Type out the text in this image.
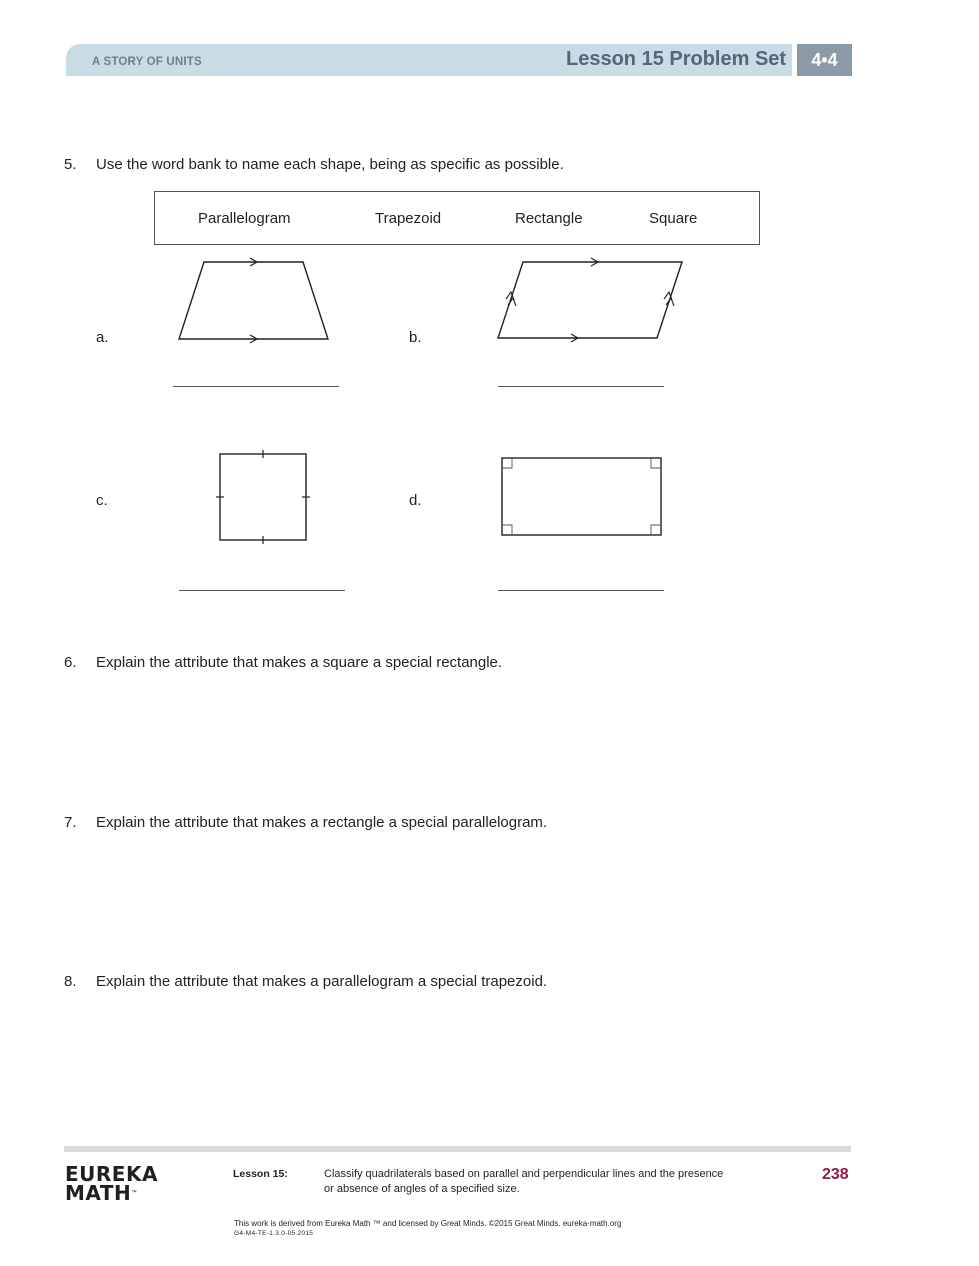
A STORY OF UNITS	Lesson 15 Problem Set	4•4
5. Use the word bank to name each shape, being as specific as possible.
Parallelogram	Trapezoid	Rectangle	Square
a.	b.
c.	d.
6. Explain the attribute that makes a square a special rectangle.
7. Explain the attribute that makes a rectangle a special parallelogram.
8. Explain the attribute that makes a parallelogram a special trapezoid.
EUREKA
MATH™
Lesson 15:	Classify quadrilaterals based on parallel and perpendicular lines and the presence or absence of angles of a specified size.
238
This work is derived from Eureka Math ™ and licensed by Great Minds. ©2015 Great Minds. eureka-math.org
G4-M4-TE-1.3.0-05.2015
